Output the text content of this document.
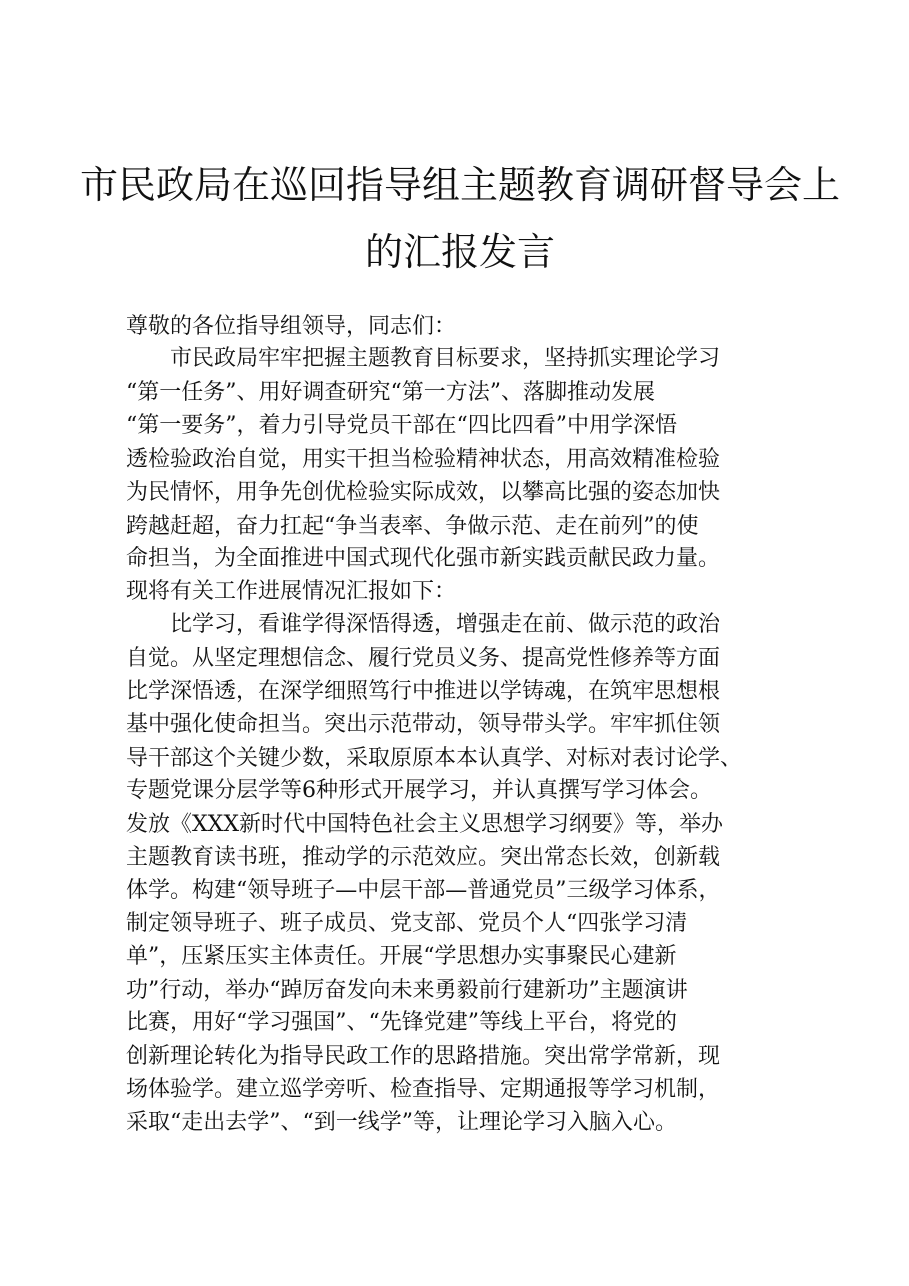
市民政局在巡回指导组主题教育调研督导会上
的汇报发言
尊敬的各位指导组领导，同志们：
市民政局牢牢把握主题教育目标要求，坚持抓实理论学习
“第一任务”、用好调查研究“第一方法”、落脚推动发展
“第一要务”，着力引导党员干部在“四比四看”中用学深悟
透检验政治自觉，用实干担当检验精神状态，用高效精准检验
为民情怀，用争先创优检验实际成效，以攀高比强的姿态加快
跨越赶超，奋力扛起“争当表率、争做示范、走在前列”的使
命担当，为全面推进中国式现代化强市新实践贡献民政力量。
现将有关工作进展情况汇报如下：
比学习，看谁学得深悟得透，增强走在前、做示范的政治
自觉。从坚定理想信念、履行党员义务、提高党性修养等方面
比学深悟透，在深学细照笃行中推进以学铸魂，在筑牢思想根
基中强化使命担当。突出示范带动，领导带头学。牢牢抓住领
导干部这个关键少数，采取原原本本认真学、对标对表讨论学、
专题党课分层学等6种形式开展学习，并认真撰写学习体会。
发放《XXX新时代中国特色社会主义思想学习纲要》等，举办
主题教育读书班，推动学的示范效应。突出常态长效，创新载
体学。构建“领导班子—中层干部—普通党员”三级学习体系，
制定领导班子、班子成员、党支部、党员个人“四张学习清
单”，压紧压实主体责任。开展“学思想办实事聚民心建新
功”行动，举办“踔厉奋发向未来勇毅前行建新功”主题演讲
比赛，用好“学习强国”、“先锋党建”等线上平台，将党的
创新理论转化为指导民政工作的思路措施。突出常学常新，现
场体验学。建立巡学旁听、检查指导、定期通报等学习机制，
采取“走出去学”、“到一线学”等，让理论学习入脑入心。
